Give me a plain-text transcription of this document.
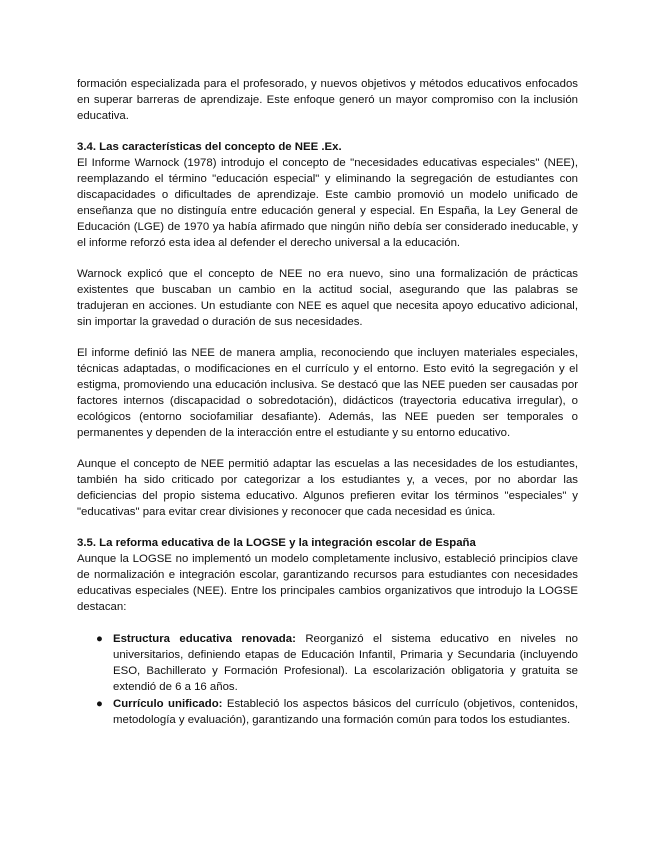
formación especializada para el profesorado, y nuevos objetivos y métodos educativos enfocados en superar barreras de aprendizaje. Este enfoque generó un mayor compromiso con la inclusión educativa.

3.4. Las características del concepto de NEE .Ex.

El Informe Warnock (1978) introdujo el concepto de "necesidades educativas especiales" (NEE), reemplazando el término "educación especial" y eliminando la segregación de estudiantes con discapacidades o dificultades de aprendizaje. Este cambio promovió un modelo unificado de enseñanza que no distinguía entre educación general y especial. En España, la Ley General de Educación (LGE) de 1970 ya había afirmado que ningún niño debía ser considerado ineducable, y el informe reforzó esta idea al defender el derecho universal a la educación.

Warnock explicó que el concepto de NEE no era nuevo, sino una formalización de prácticas existentes que buscaban un cambio en la actitud social, asegurando que las palabras se tradujeran en acciones. Un estudiante con NEE es aquel que necesita apoyo educativo adicional, sin importar la gravedad o duración de sus necesidades.

El informe definió las NEE de manera amplia, reconociendo que incluyen materiales especiales, técnicas adaptadas, o modificaciones en el currículo y el entorno. Esto evitó la segregación y el estigma, promoviendo una educación inclusiva. Se destacó que las NEE pueden ser causadas por factores internos (discapacidad o sobredotación), didácticos (trayectoria educativa irregular), o ecológicos (entorno sociofamiliar desafiante). Además, las NEE pueden ser temporales o permanentes y dependen de la interacción entre el estudiante y su entorno educativo.

Aunque el concepto de NEE permitió adaptar las escuelas a las necesidades de los estudiantes, también ha sido criticado por categorizar a los estudiantes y, a veces, por no abordar las deficiencias del propio sistema educativo. Algunos prefieren evitar los términos "especiales" y "educativas" para evitar crear divisiones y reconocer que cada necesidad es única.

3.5. La reforma educativa de la LOGSE y la integración escolar de España

Aunque la LOGSE no implementó un modelo completamente inclusivo, estableció principios clave de normalización e integración escolar, garantizando recursos para estudiantes con necesidades educativas especiales (NEE). Entre los principales cambios organizativos que introdujo la LOGSE destacan:

● Estructura educativa renovada: Reorganizó el sistema educativo en niveles no universitarios, definiendo etapas de Educación Infantil, Primaria y Secundaria (incluyendo ESO, Bachillerato y Formación Profesional). La escolarización obligatoria y gratuita se extendió de 6 a 16 años.
● Currículo unificado: Estableció los aspectos básicos del currículo (objetivos, contenidos, metodología y evaluación), garantizando una formación común para todos los estudiantes.
